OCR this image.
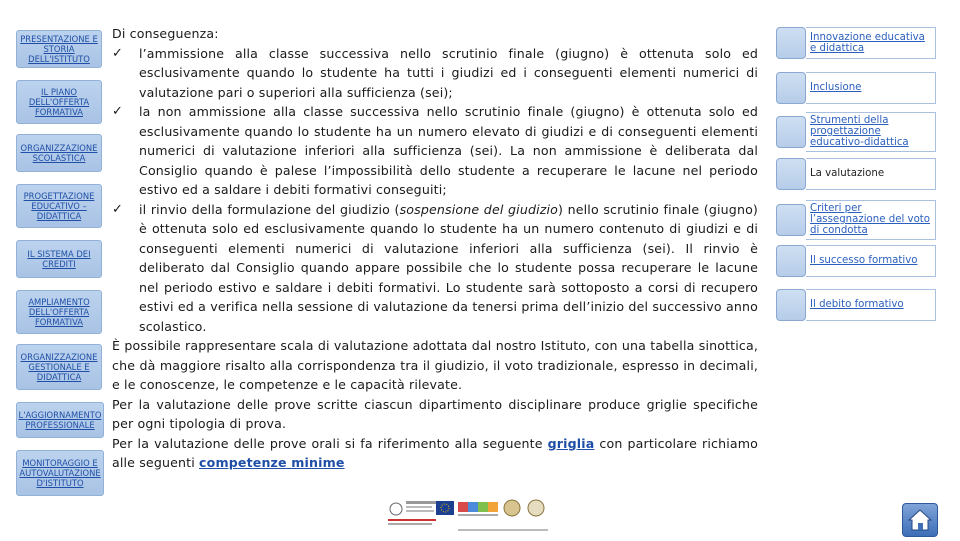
PRESENTAZIONE E STORIA DELL'ISTITUTO
IL PIANO DELL'OFFERTA FORMATIVA
ORGANIZZAZIONE SCOLASTICA
PROGETTAZIONE EDUCATIVO – DIDATTICA
IL SISTEMA DEI CREDITI
AMPLIAMENTO DELL'OFFERTA FORMATIVA
ORGANIZZAZIONE GESTIONALE E DIDATTICA
L'AGGIORNAMENTO PROFESSIONALE
MONITORAGGIO E AUTOVALUTAZIONE D'ISTITUTO

Di conseguenza:

✓ l’ammissione alla classe successiva nello scrutinio finale (giugno) è ottenuta solo ed esclusivamente quando lo studente ha tutti i giudizi ed i conseguenti elementi numerici di valutazione pari o superiori alla sufficienza (sei);
✓ la non ammissione alla classe successiva nello scrutinio finale (giugno) è ottenuta solo ed esclusivamente quando lo studente ha un numero elevato di giudizi e di conseguenti elementi numerici di valutazione inferiori alla sufficienza (sei). La non ammissione è deliberata dal Consiglio quando è palese l’impossibilità dello studente a recuperare le lacune nel periodo estivo ed a saldare i debiti formativi conseguiti;
✓ il rinvio della formulazione del giudizio (sospensione del giudizio) nello scrutinio finale (giugno) è ottenuta solo ed esclusivamente quando lo studente ha un numero contenuto di giudizi e di conseguenti elementi numerici di valutazione inferiori alla sufficienza (sei). Il rinvio è deliberato dal Consiglio quando appare possibile che lo studente possa recuperare le lacune nel periodo estivo e saldare i debiti formativi. Lo studente sarà sottoposto a corsi di recupero estivi ed a verifica nella sessione di valutazione da tenersi prima dell’inizio del successivo anno scolastico.

È possibile rappresentare scala di valutazione adottata dal nostro Istituto, con una tabella sinottica, che dà maggiore risalto alla corrispondenza tra il giudizio, il voto tradizionale, espresso in decimali, e le conoscenze, le competenze e le capacità rilevate.

Per la valutazione delle prove scritte ciascun dipartimento disciplinare produce griglie specifiche per ogni tipologia di prova.

Per la valutazione delle prove orali si fa riferimento alla seguente griglia con particolare richiamo alle seguenti competenze minime

Innovazione educativa e didattica
Inclusione
Strumenti della progettazione educativo-didattica
La valutazione
Criteri per l’assegnazione del voto di condotta
Il successo formativo
Il debito formativo
